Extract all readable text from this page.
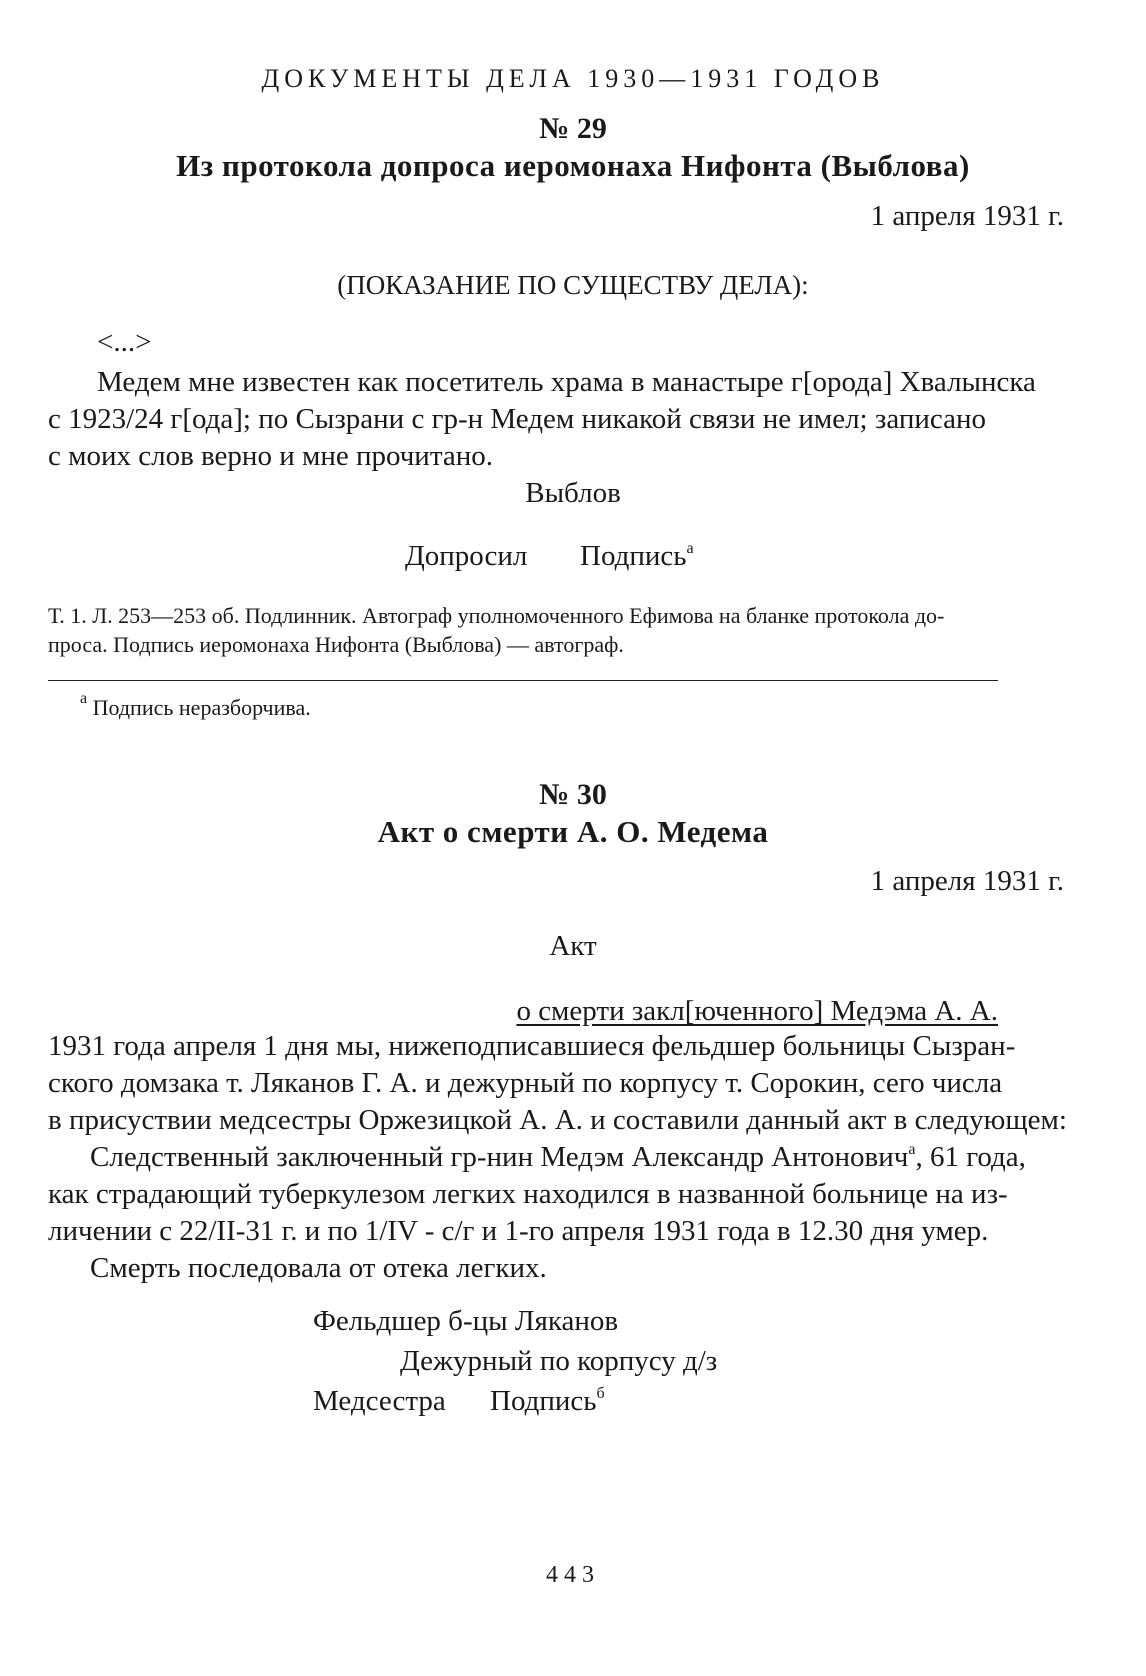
ДОКУМЕНТЫ ДЕЛА 1930—1931 ГОДОВ

№ 29

Из протокола допроса иеромонаха Нифонта (Выблова)

1 апреля 1931 г.

(ПОКАЗАНИЕ ПО СУЩЕСТВУ ДЕЛА):

<...>

Медем мне известен как посетитель храма в манастыре г[орода] Хвалынска

с 1923/24 г[ода]; по Сызрани с гр-н Медем никакой связи не имел; записано

с моих слов верно и мне прочитано.

Выблов

Допросил Подпись$^а$

Т. 1. Л. 253—253 об. Подлинник. Автограф уполномоченного Ефимова на бланке протокола до-

проса. Подпись иеромонаха Нифонта (Выблова) — автограф.

$^а$ Подпись неразборчива.

№ 30

Акт о смерти А. О. Медема

1 апреля 1931 г.

Акт

о смерти закл[юченного] Медэма А. А.

1931 года апреля 1 дня мы, нижеподписавшиеся фельдшер больницы Сызран-

ского домзака т. Ляканов Г. А. и дежурный по корпусу т. Сорокин, сего числа

в присуствии медсестры Оржезицкой А. А. и составили данный акт в следующем:

Следственный заключенный гр-нин Медэм Александр Антонович$^а$, 61 года,

как страдающий туберкулезом легких находился в названной больнице на из-

личении с 22/II-31 г. и по 1/IV - с/г и 1-го апреля 1931 года в 12.30 дня умер.

Смерть последовала от отека легких.

Фельдшер б-цы Ляканов

Дежурный по корпусу д/з

Медсестра Подпись$^б$

443
